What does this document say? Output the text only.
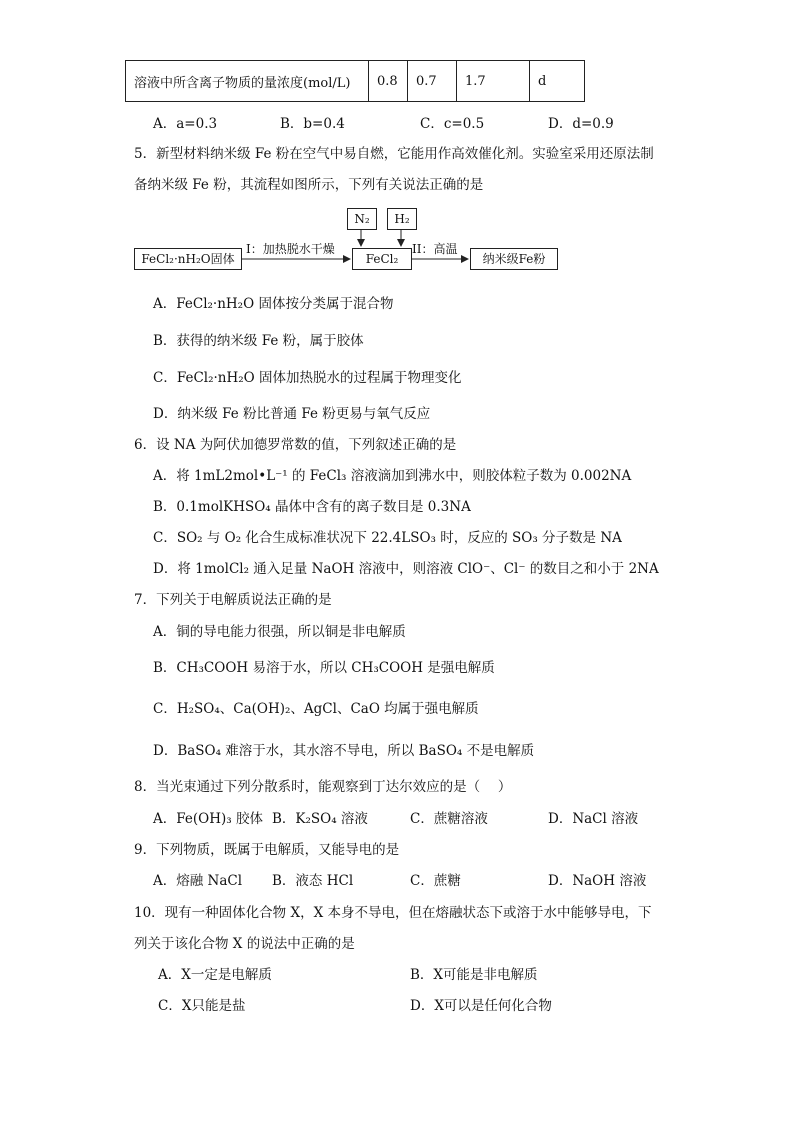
溶液中所含离子物质的量浓度(mol/L)	0.8	0.7	1.7	d
A．a=0.3	B．b=0.4	C．c=0.5	D．d=0.9
5．新型材料纳米级 Fe 粉在空气中易自燃，它能用作高效催化剂。实验室采用还原法制
备纳米级 Fe 粉，其流程如图所示，下列有关说法正确的是
N₂	H₂
FeCl₂·nH₂O固体
I：加热脱水干燥
FeCl₂
II：高温
纳米级Fe粉
A．FeCl₂·nH₂O 固体按分类属于混合物
B．获得的纳米级 Fe 粉，属于胶体
C．FeCl₂·nH₂O 固体加热脱水的过程属于物理变化
D．纳米级 Fe 粉比普通 Fe 粉更易与氧气反应
6．设 NA 为阿伏加德罗常数的值，下列叙述正确的是
A．将 1mL2mol•L⁻¹ 的 FeCl₃ 溶液滴加到沸水中，则胶体粒子数为 0.002NA
B．0.1molKHSO₄ 晶体中含有的离子数目是 0.3NA
C．SO₂ 与 O₂ 化合生成标准状况下 22.4LSO₃ 时，反应的 SO₃ 分子数是 NA
D．将 1molCl₂ 通入足量 NaOH 溶液中，则溶液 ClO⁻、Cl⁻ 的数目之和小于 2NA
7．下列关于电解质说法正确的是
A．铜的导电能力很强，所以铜是非电解质
B．CH₃COOH 易溶于水，所以 CH₃COOH 是强电解质
C．H₂SO₄、Ca(OH)₂、AgCl、CaO 均属于强电解质
D．BaSO₄ 难溶于水，其水溶不导电，所以 BaSO₄ 不是电解质
8．当光束通过下列分散系时，能观察到丁达尔效应的是（　 ）
A．Fe(OH)₃ 胶体 B．K₂SO₄ 溶液	C．蔗糖溶液	D．NaCl 溶液
9．下列物质，既属于电解质，又能导电的是
A．熔融 NaCl B．液态 HCl	C．蔗糖	D．NaOH 溶液
10．现有一种固体化合物 X，X 本身不导电，但在熔融状态下或溶于水中能够导电，下
列关于该化合物 X 的说法中正确的是
A．X一定是电解质	B．X可能是非电解质
C．X只能是盐	D．X可以是任何化合物
